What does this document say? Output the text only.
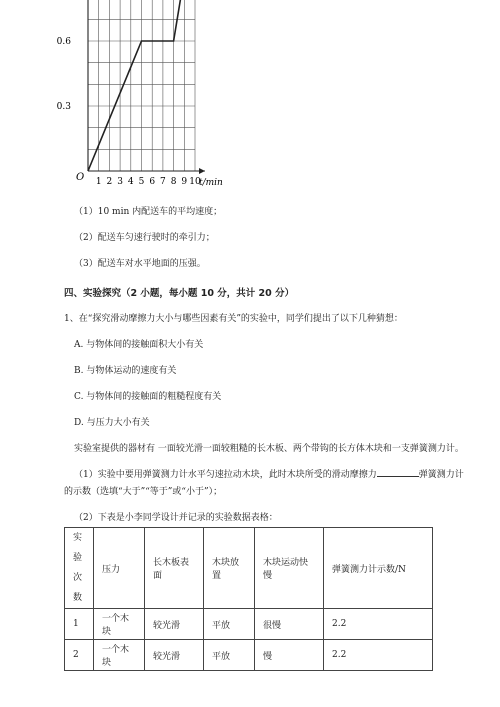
0.3
0.6
1 2 3 4 5 6 7 8 9 10
t/min
O
（1）10 min 内配送车的平均速度；
（2）配送车匀速行驶时的牵引力；
（3）配送车对水平地面的压强。
四、实验探究（2 小题，每小题 10 分，共计 20 分）
1、在“探究滑动摩擦力大小与哪些因素有关”的实验中，同学们提出了以下几种猜想：
A. 与物体间的接触面积大小有关
B. 与物体运动的速度有关
C. 与物体间的接触面的粗糙程度有关
D. 与压力大小有关
实验室提供的器材有 一面较光滑一面较粗糙的长木板、两个带钩的长方体木块和一支弹簧测力计。
（1）实验中要用弹簧测力计水平匀速拉动木块，此时木块所受的滑动摩擦力	弹簧测力计
的示数（选填“大于”“等于”或“小于”）；
（2）下表是小李同学设计并记录的实验数据表格：
实验次数	压力	长木板表面	木块放置	木块运动快慢	弹簧测力计示数/N
1	一个木块	较光滑	平放	很慢	2.2
2	一个木块	较光滑	平放	慢	2.2
